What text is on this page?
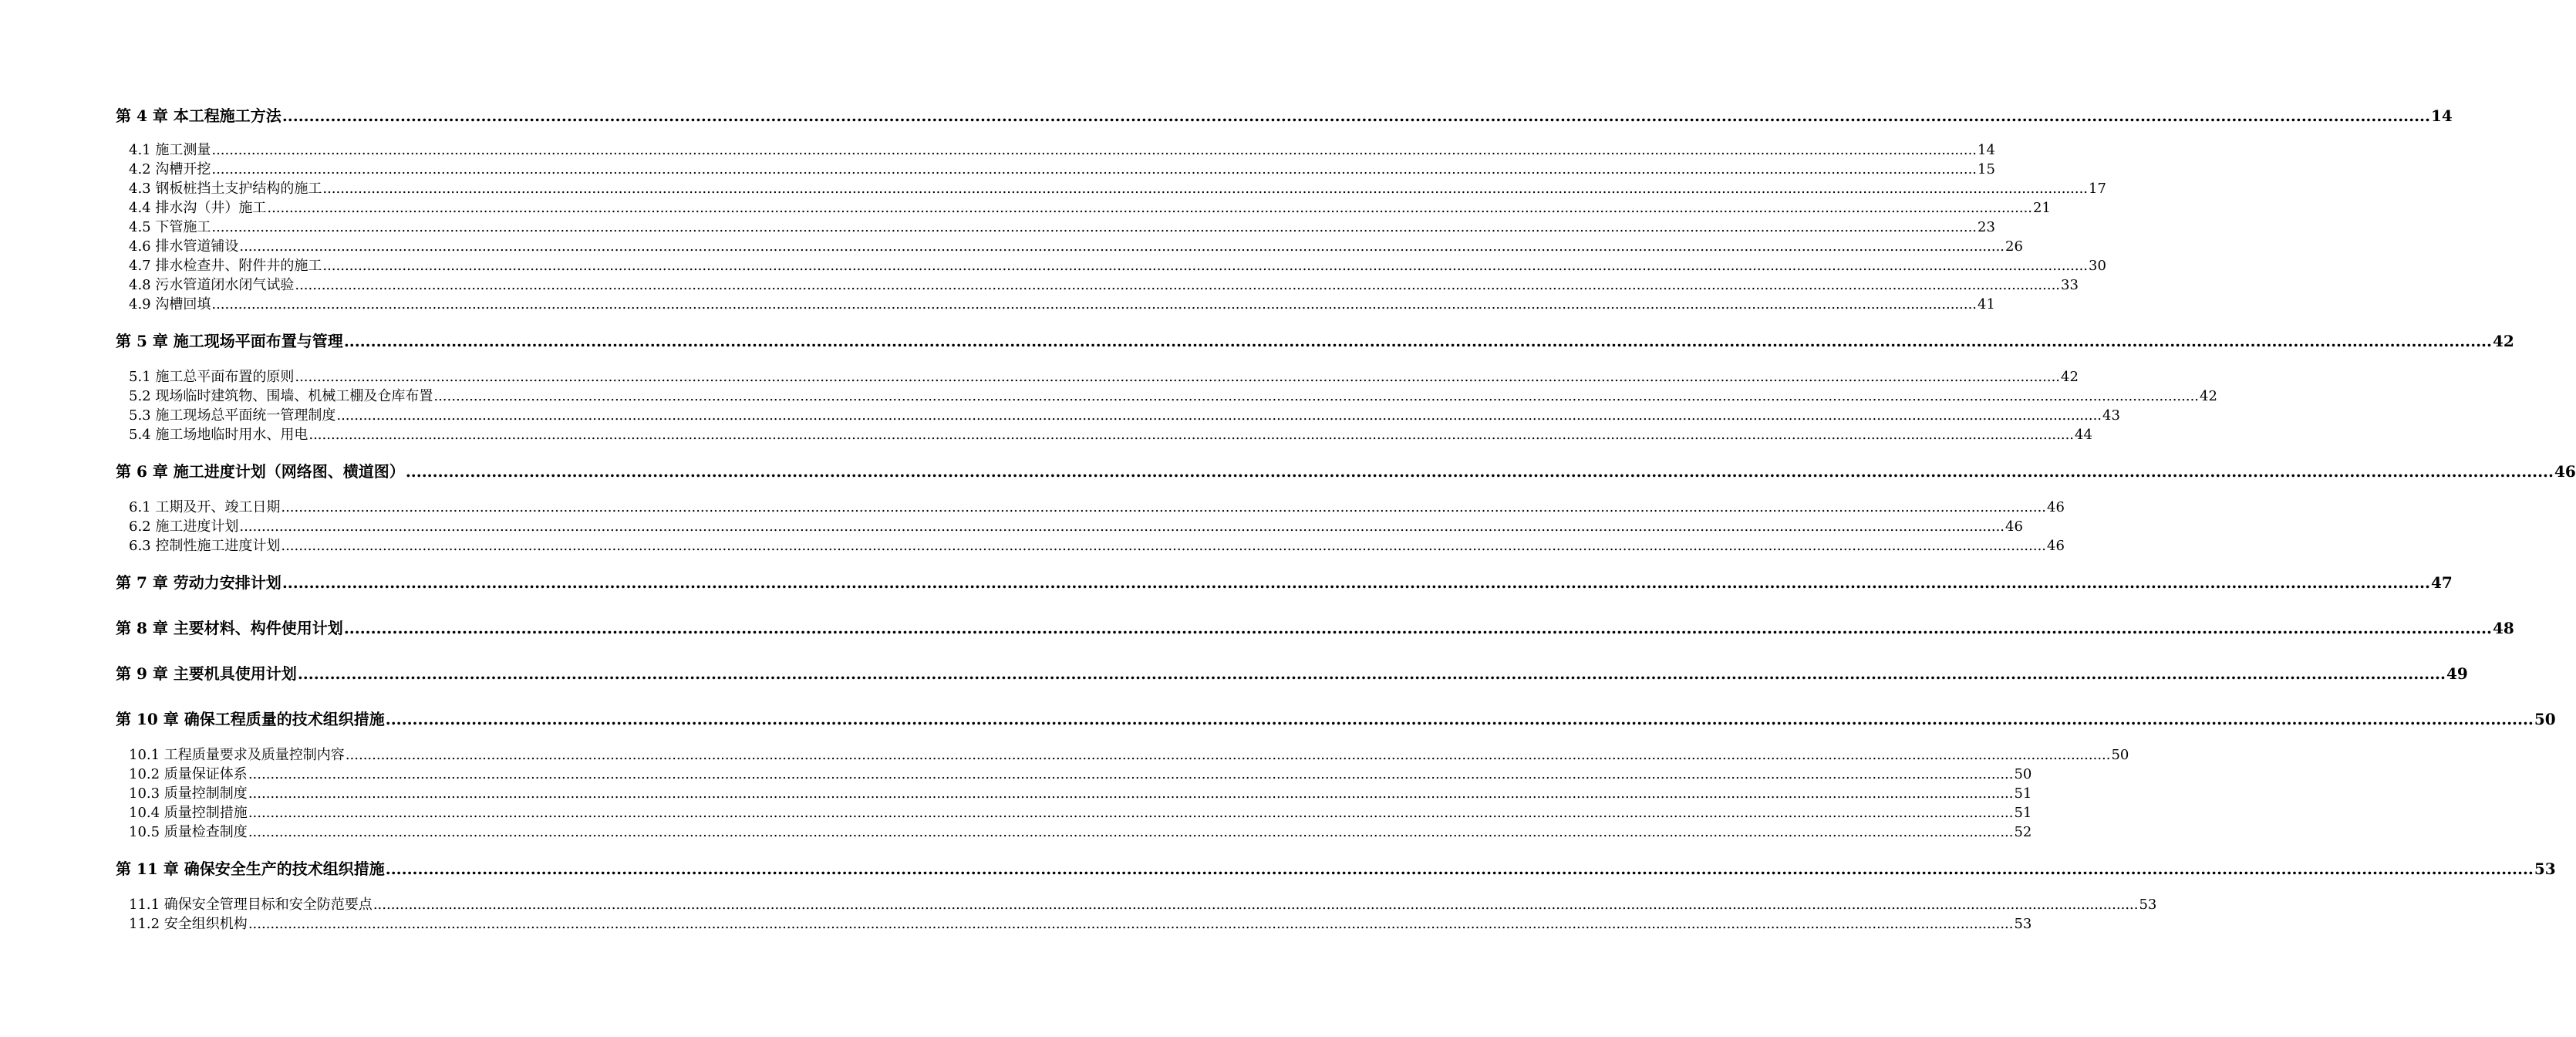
第 4 章 本工程施工方法 ................................................................................................................................................................................................................................................................................................................................................................................................................ 14
4.1 施工测量 ................................................................................................................................................................................................................................................................................................................................................................................................................ 14
4.2 沟槽开挖 ................................................................................................................................................................................................................................................................................................................................................................................................................ 15
4.3 钢板桩挡土支护结构的施工 ................................................................................................................................................................................................................................................................................................................................................................................................................ 17
4.4 排水沟（井）施工 ................................................................................................................................................................................................................................................................................................................................................................................................................ 21
4.5 下管施工 ................................................................................................................................................................................................................................................................................................................................................................................................................ 23
4.6 排水管道铺设 ................................................................................................................................................................................................................................................................................................................................................................................................................ 26
4.7 排水检查井、附件井的施工 ................................................................................................................................................................................................................................................................................................................................................................................................................ 30
4.8 污水管道闭水闭气试验 ................................................................................................................................................................................................................................................................................................................................................................................................................ 33
4.9 沟槽回填 ................................................................................................................................................................................................................................................................................................................................................................................................................ 41
第 5 章 施工现场平面布置与管理 ................................................................................................................................................................................................................................................................................................................................................................................................................ 42
5.1 施工总平面布置的原则 ................................................................................................................................................................................................................................................................................................................................................................................................................ 42
5.2 现场临时建筑物、围墙、机械工棚及仓库布置 ................................................................................................................................................................................................................................................................................................................................................................................................................ 42
5.3 施工现场总平面统一管理制度 ................................................................................................................................................................................................................................................................................................................................................................................................................ 43
5.4 施工场地临时用水、用电 ................................................................................................................................................................................................................................................................................................................................................................................................................ 44
第 6 章 施工进度计划（网络图、横道图） ................................................................................................................................................................................................................................................................................................................................................................................................................ 46
6.1 工期及开、竣工日期 ................................................................................................................................................................................................................................................................................................................................................................................................................ 46
6.2 施工进度计划 ................................................................................................................................................................................................................................................................................................................................................................................................................ 46
6.3 控制性施工进度计划 ................................................................................................................................................................................................................................................................................................................................................................................................................ 46
第 7 章 劳动力安排计划 ................................................................................................................................................................................................................................................................................................................................................................................................................ 47
第 8 章 主要材料、构件使用计划 ................................................................................................................................................................................................................................................................................................................................................................................................................ 48
第 9 章 主要机具使用计划 ................................................................................................................................................................................................................................................................................................................................................................................................................ 49
第 10 章 确保工程质量的技术组织措施 ................................................................................................................................................................................................................................................................................................................................................................................................................ 50
10.1 工程质量要求及质量控制内容 ................................................................................................................................................................................................................................................................................................................................................................................................................ 50
10.2 质量保证体系 ................................................................................................................................................................................................................................................................................................................................................................................................................ 50
10.3 质量控制制度 ................................................................................................................................................................................................................................................................................................................................................................................................................ 51
10.4 质量控制措施 ................................................................................................................................................................................................................................................................................................................................................................................................................ 51
10.5 质量检查制度 ................................................................................................................................................................................................................................................................................................................................................................................................................ 52
第 11 章 确保安全生产的技术组织措施 ................................................................................................................................................................................................................................................................................................................................................................................................................ 53
11.1 确保安全管理目标和安全防范要点 ................................................................................................................................................................................................................................................................................................................................................................................................................ 53
11.2 安全组织机构 ................................................................................................................................................................................................................................................................................................................................................................................................................ 53
